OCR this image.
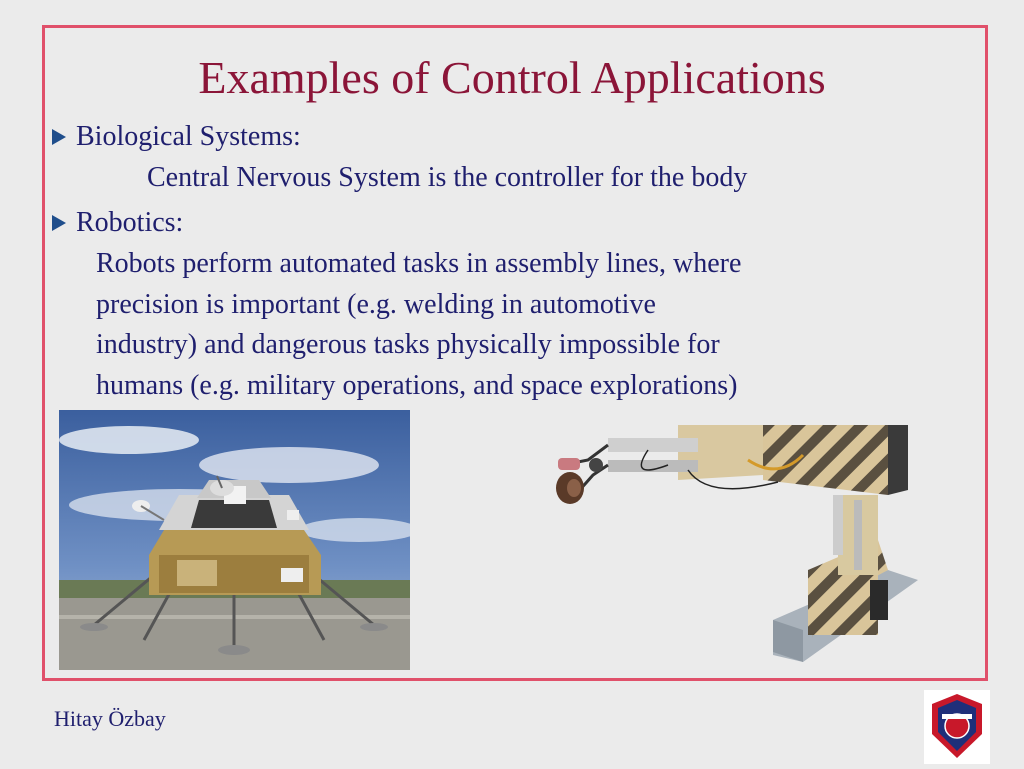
Examples of Control Applications
Biological Systems:
Central Nervous System is the controller for the body
Robotics:
Robots perform automated tasks in assembly lines, where
precision is important (e.g. welding in automotive
industry) and dangerous tasks physically impossible for
humans (e.g. military operations, and space explorations)
Hitay Özbay
